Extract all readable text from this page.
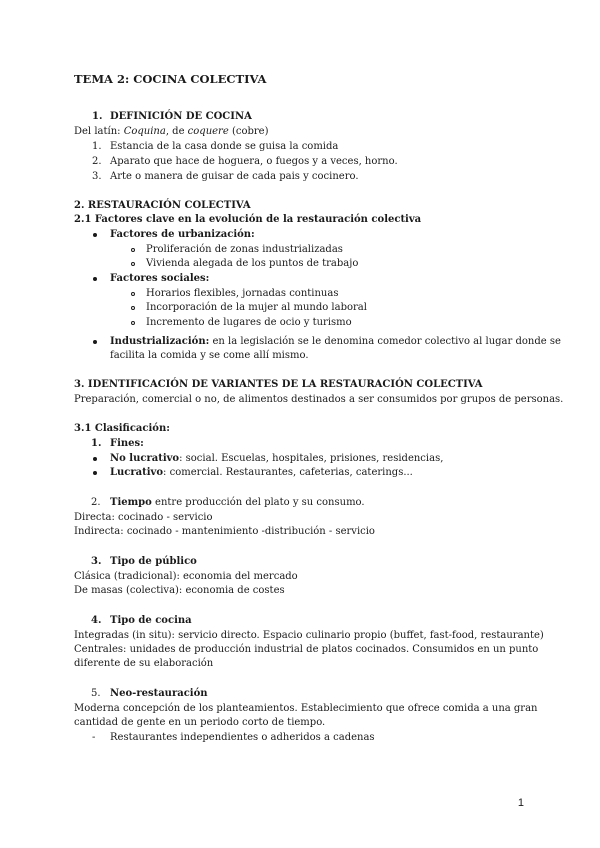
TEMA 2: COCINA COLECTIVA
1. DEFINICIÓN DE COCINA
Del latín: Coquina, de coquere (cobre)
1. Estancia de la casa donde se guisa la comida
2. Aparato que hace de hoguera, o fuegos y a veces, horno.
3. Arte o manera de guisar de cada pais y cocinero.
2. RESTAURACIÓN COLECTIVA
2.1 Factores clave en la evolución de la restauración colectiva
Factores de urbanización:
Proliferación de zonas industrializadas
Vivienda alegada de los puntos de trabajo
Factores sociales:
Horarios flexibles, jornadas continuas
Incorporación de la mujer al mundo laboral
Incremento de lugares de ocio y turismo
Industrialización: en la legislación se le denomina comedor colectivo al lugar donde se
facilita la comida y se come allí mismo.
3. IDENTIFICACIÓN DE VARIANTES DE LA RESTAURACIÓN COLECTIVA
Preparación, comercial o no, de alimentos destinados a ser consumidos por grupos de personas.
3.1 Clasificación:
1. Fines:
No lucrativo: social. Escuelas, hospitales, prisiones, residencias,
Lucrativo: comercial. Restaurantes, cafeterias, caterings...
2. Tiempo entre producción del plato y su consumo.
Directa: cocinado - servicio
Indirecta: cocinado - mantenimiento -distribución - servicio
3. Tipo de público
Clásica (tradicional): economia del mercado
De masas (colectiva): economia de costes
4. Tipo de cocina
Integradas (in situ): servicio directo. Espacio culinario propio (buffet, fast-food, restaurante)
Centrales: unidades de producción industrial de platos cocinados. Consumidos en un punto
diferente de su elaboración
5. Neo-restauración
Moderna concepción de los planteamientos. Establecimiento que ofrece comida a una gran
cantidad de gente en un periodo corto de tiempo.
- Restaurantes independientes o adheridos a cadenas
1
